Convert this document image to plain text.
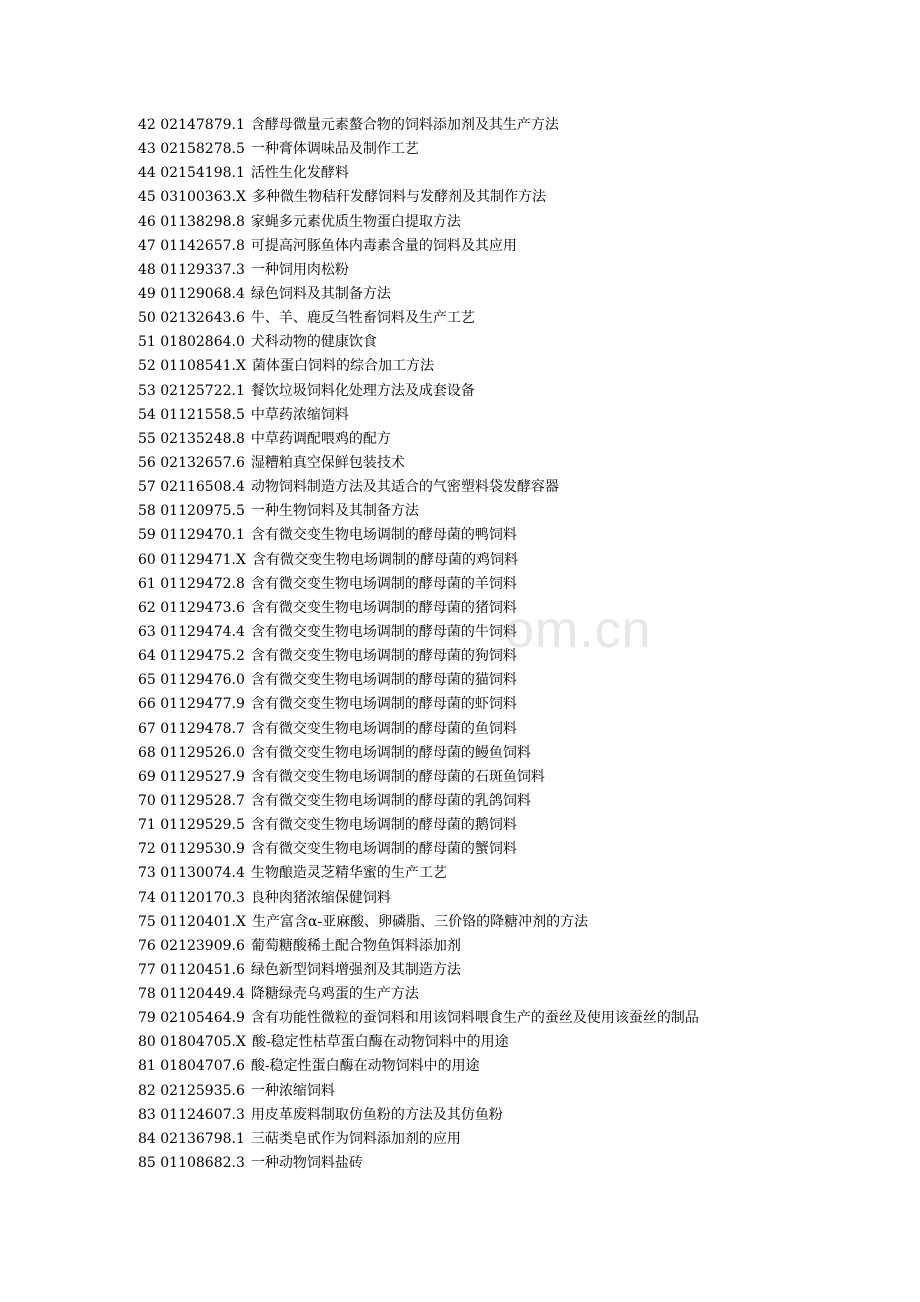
42 02147879.1 含酵母微量元素螯合物的饲料添加剂及其生产方法
43 02158278.5 一种膏体调味品及制作工艺
44 02154198.1 活性生化发酵料
45 03100363.X 多种微生物秸秆发酵饲料与发酵剂及其制作方法
46 01138298.8 家蝇多元素优质生物蛋白提取方法
47 01142657.8 可提高河豚鱼体内毒素含量的饲料及其应用
48 01129337.3 一种饲用肉松粉
49 01129068.4 绿色饲料及其制备方法
50 02132643.6 牛、羊、鹿反刍牲畜饲料及生产工艺
51 01802864.0 犬科动物的健康饮食
52 01108541.X 菌体蛋白饲料的综合加工方法
53 02125722.1 餐饮垃圾饲料化处理方法及成套设备
54 01121558.5 中草药浓缩饲料
55 02135248.8 中草药调配喂鸡的配方
56 02132657.6 湿糟粕真空保鲜包装技术
57 02116508.4 动物饲料制造方法及其适合的气密塑料袋发酵容器
58 01120975.5 一种生物饲料及其制备方法
59 01129470.1 含有微交变生物电场调制的酵母菌的鸭饲料
60 01129471.X 含有微交变生物电场调制的酵母菌的鸡饲料
61 01129472.8 含有微交变生物电场调制的酵母菌的羊饲料
62 01129473.6 含有微交变生物电场调制的酵母菌的猪饲料
63 01129474.4 含有微交变生物电场调制的酵母菌的牛饲料
64 01129475.2 含有微交变生物电场调制的酵母菌的狗饲料
65 01129476.0 含有微交变生物电场调制的酵母菌的猫饲料
66 01129477.9 含有微交变生物电场调制的酵母菌的虾饲料
67 01129478.7 含有微交变生物电场调制的酵母菌的鱼饲料
68 01129526.0 含有微交变生物电场调制的酵母菌的鳗鱼饲料
69 01129527.9 含有微交变生物电场调制的酵母菌的石斑鱼饲料
70 01129528.7 含有微交变生物电场调制的酵母菌的乳鸽饲料
71 01129529.5 含有微交变生物电场调制的酵母菌的鹅饲料
72 01129530.9 含有微交变生物电场调制的酵母菌的蟹饲料
73 01130074.4 生物酿造灵芝精华蜜的生产工艺
74 01120170.3 良种肉猪浓缩保健饲料
75 01120401.X 生产富含α-亚麻酸、卵磷脂、三价铬的降糖冲剂的方法
76 02123909.6 葡萄糖酸稀土配合物鱼饵料添加剂
77 01120451.6 绿色新型饲料增强剂及其制造方法
78 01120449.4 降糖绿壳乌鸡蛋的生产方法
79 02105464.9 含有功能性微粒的蚕饲料和用该饲料喂食生产的蚕丝及使用该蚕丝的制品
80 01804705.X 酸-稳定性枯草蛋白酶在动物饲料中的用途
81 01804707.6 酸-稳定性蛋白酶在动物饲料中的用途
82 02125935.6 一种浓缩饲料
83 01124607.3 用皮革废料制取仿鱼粉的方法及其仿鱼粉
84 02136798.1 三萜类皂甙作为饲料添加剂的应用
85 01108682.3 一种动物饲料盐砖
om.cn
